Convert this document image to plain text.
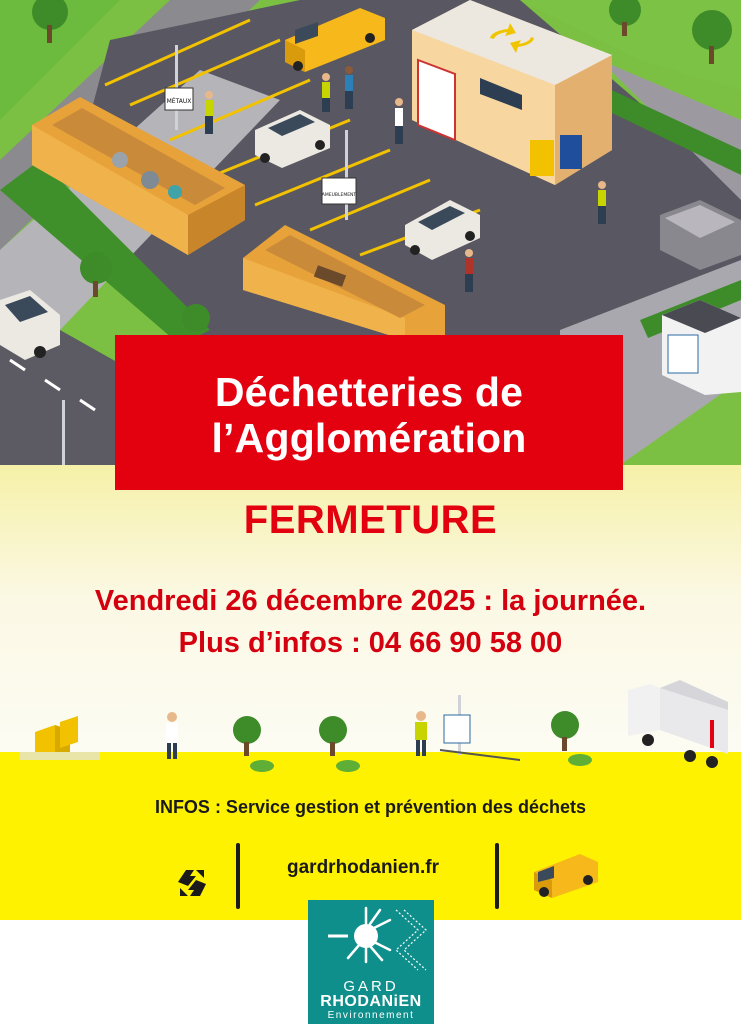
MÉTAUX
AMEUBLEMENT
Déchetteries de
l’Agglomération
FERMETURE
Vendredi 26 décembre 2025 : la journée.
Plus d’infos : 04 66 90 58 00
INFOS : Service gestion et prévention des déchets
gardrhodanien.fr
GARD
RHODANiEN
Environnement
